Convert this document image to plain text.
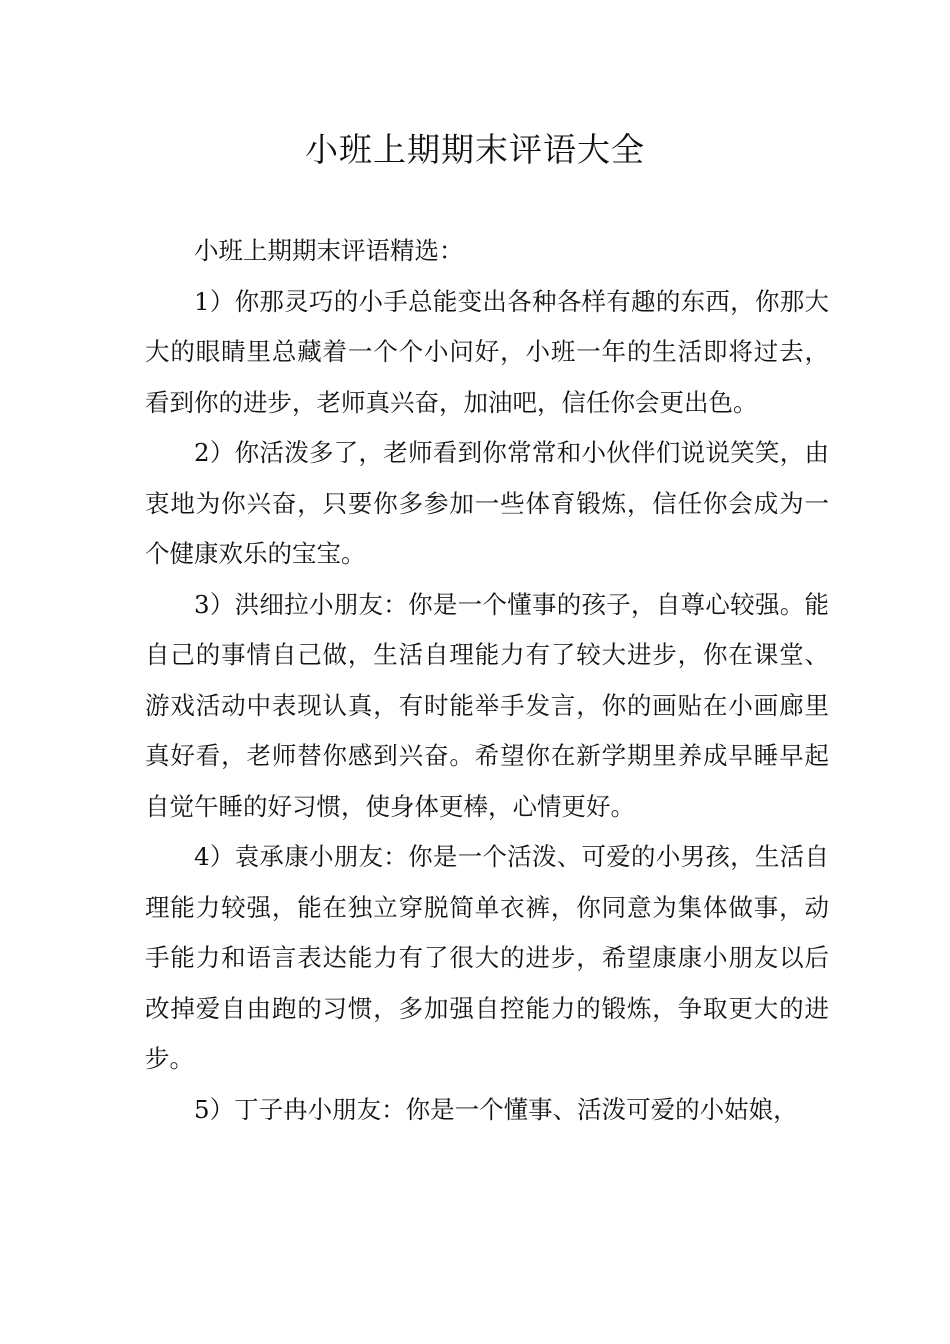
小班上期期末评语大全

小班上期期末评语精选：

1）你那灵巧的小手总能变出各种各样有趣的东西，你那大大的眼睛里总藏着一个个小问好，小班一年的生活即将过去，看到你的进步，老师真兴奋，加油吧，信任你会更出色。

2）你活泼多了，老师看到你常常和小伙伴们说说笑笑，由衷地为你兴奋，只要你多参加一些体育锻炼，信任你会成为一个健康欢乐的宝宝。

3）洪细拉小朋友：你是一个懂事的孩子，自尊心较强。能自己的事情自己做，生活自理能力有了较大进步，你在课堂、游戏活动中表现认真，有时能举手发言，你的画贴在小画廊里真好看，老师替你感到兴奋。希望你在新学期里养成早睡早起自觉午睡的好习惯，使身体更棒，心情更好。

4）袁承康小朋友：你是一个活泼、可爱的小男孩，生活自理能力较强，能在独立穿脱简单衣裤，你同意为集体做事，动手能力和语言表达能力有了很大的进步，希望康康小朋友以后改掉爱自由跑的习惯，多加强自控能力的锻炼，争取更大的进步。

5）丁子冉小朋友：你是一个懂事、活泼可爱的小姑娘，
